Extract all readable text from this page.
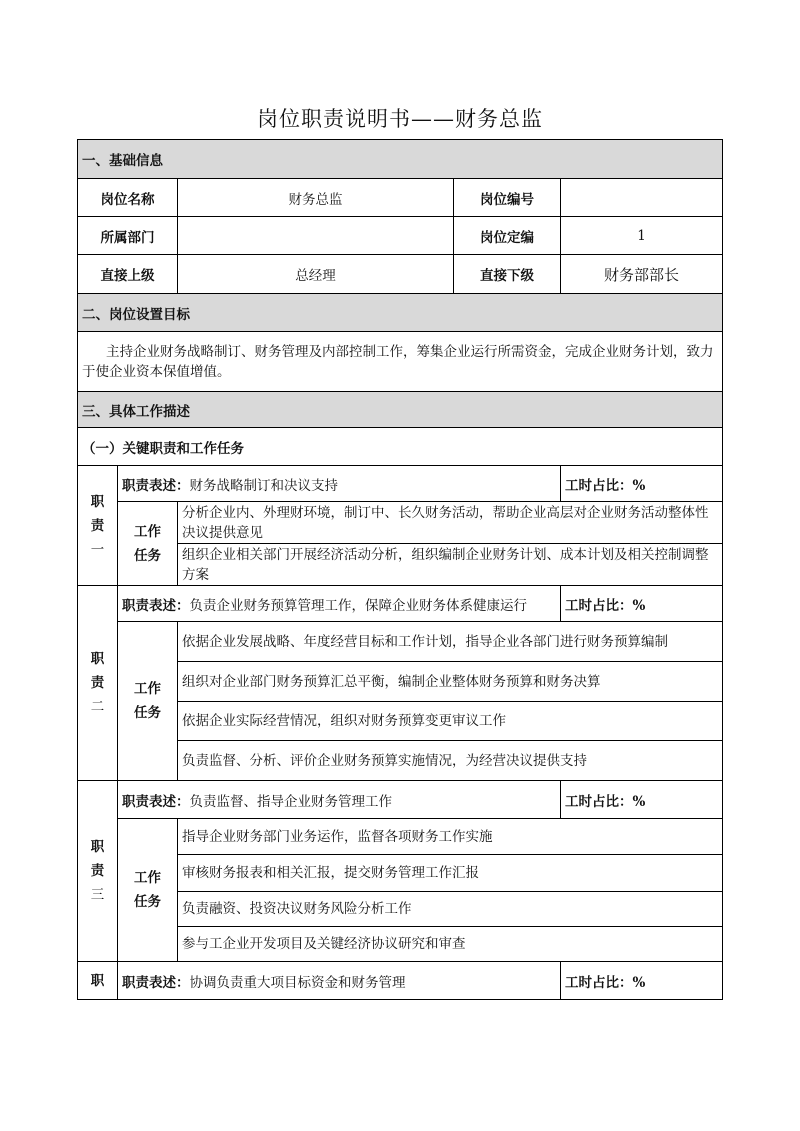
岗位职责说明书——财务总监
一、基础信息				
岗位名称		财务总监	岗位编号	
所属部门			岗位定编	1
直接上级		总经理	直接下级	财务部部长
二、岗位设置目标				
主持企业财务战略制订、财务管理及内部控制工作，筹集企业运行所需资金，完成企业财务计划，致力于使企业资本保值增值。				
三、具体工作描述				
（一）关键职责和工作任务				

职
责
一	职责表述：财务战略制订和决议支持			工时占比：%

	工作
任务	分析企业内、外理财环境，制订中、长久财务活动，帮助企业高层对企业财务活动整体性决议提供意见		
		组织企业相关部门开展经济活动分析，组织编制企业财务计划、成本计划及相关控制调整方案		

职
责
二	职责表述：负责企业财务预算管理工作，保障企业财务体系健康运行			工时占比：%

	工作
任务	依据企业发展战略、年度经营目标和工作计划，指导企业各部门进行财务预算编制		
		组织对企业部门财务预算汇总平衡，编制企业整体财务预算和财务决算		
		依据企业实际经营情况，组织对财务预算变更审议工作		
		负责监督、分析、评价企业财务预算实施情况，为经营决议提供支持		

职
责
三	职责表述：负责监督、指导企业财务管理工作			工时占比：%

	工作
任务	指导企业财务部门业务运作，监督各项财务工作实施		
		审核财务报表和相关汇报，提交财务管理工作汇报		
		负责融资、投资决议财务风险分析工作		
		参与工企业开发项目及关键经济协议研究和审查		

职	职责表述：协调负责重大项目标资金和财务管理			工时占比：%
